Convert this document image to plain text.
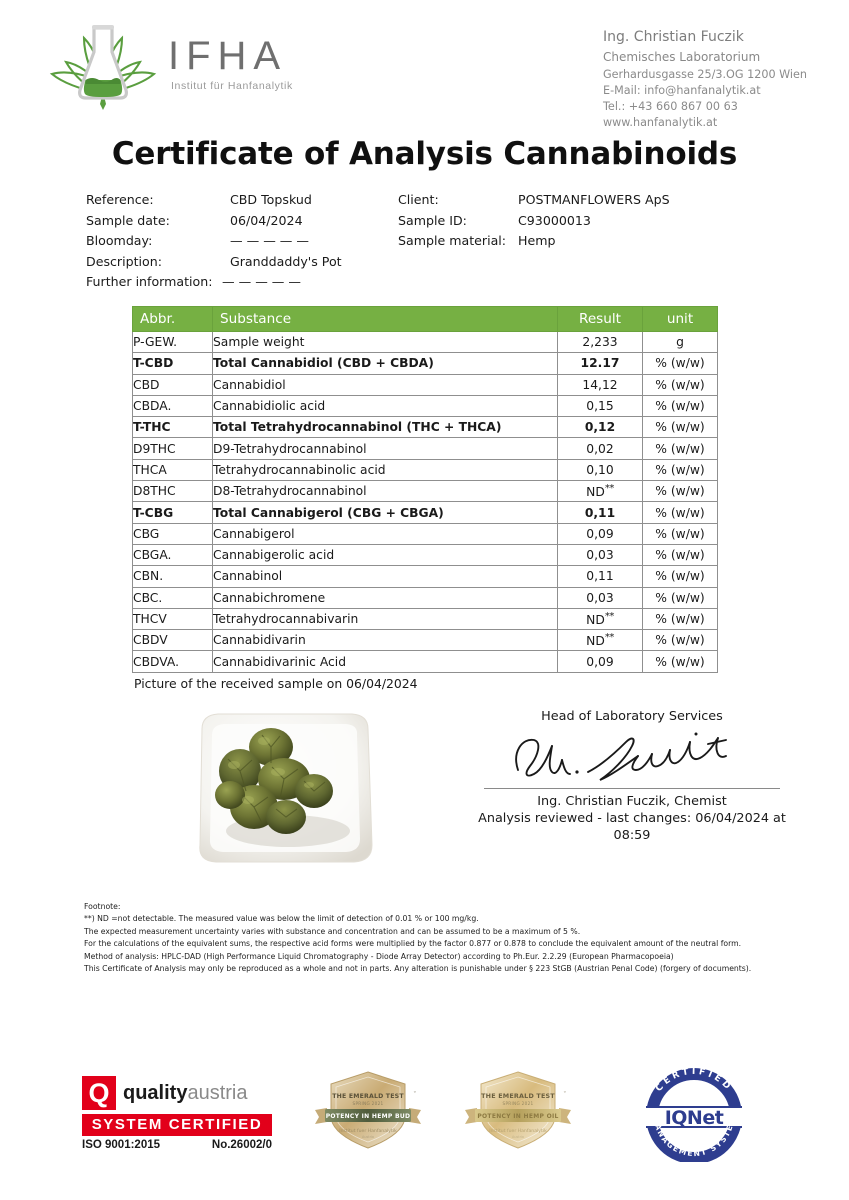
IFHA
Institut für Hanfanalytik
Ing. Christian Fuczik
Chemisches Laboratorium
Gerhardusgasse 25/3.OG 1200 Wien
E-Mail: info@hanfanalytik.at
Tel.: +43 660 867 00 63
www.hanfanalytik.at
Certificate of Analysis Cannabinoids
Reference:	CBD Topskud
Sample date:	06/04/2024
Bloomday:	— — — — —
Description:	Granddaddy's Pot
Further information: — — — — —
Client:	POSTMANFLOWERS ApS
Sample ID:	C93000013
Sample material: Hemp
Abbr.	Substance	Result	unit
P-GEW.	Sample weight	2,233	g
T-CBD	Total Cannabidiol (CBD + CBDA)	12.17	% (w/w)
CBD	Cannabidiol	14,12	% (w/w)
CBDA.	Cannabidiolic acid	0,15	% (w/w)
T-THC	Total Tetrahydrocannabinol (THC + THCA)	0,12	% (w/w)
D9THC	D9-Tetrahydrocannabinol	0,02	% (w/w)
THCA	Tetrahydrocannabinolic acid	0,10	% (w/w)
D8THC	D8-Tetrahydrocannabinol	ND**	% (w/w)
T-CBG	Total Cannabigerol (CBG + CBGA)	0,11	% (w/w)
CBG	Cannabigerol	0,09	% (w/w)
CBGA.	Cannabigerolic acid	0,03	% (w/w)
CBN.	Cannabinol	0,11	% (w/w)
CBC.	Cannabichromene	0,03	% (w/w)
THCV	Tetrahydrocannabivarin	ND**	% (w/w)
CBDV	Cannabidivarin	ND**	% (w/w)
CBDVA.	Cannabidivarinic Acid	0,09	% (w/w)
Picture of the received sample on 06/04/2024
Head of Laboratory Services
Ing. Christian Fuczik, Chemist
Analysis reviewed - last changes: 06/04/2024 at
08:59
Footnote:
**) ND =not detectable. The measured value was below the limit of detection of 0.01 % or 100 mg/kg.
The expected measurement uncertainty varies with substance and concentration and can be assumed to be a maximum of 5 %.
For the calculations of the equivalent sums, the respective acid forms were multiplied by the factor 0.877 or 0.878 to conclude the equivalent amount of the neutral form.
Method of analysis: HPLC-DAD (High Performance Liquid Chromatography - Diode Array Detector) according to Ph.Eur. 2.2.29 (European Pharmacopoeia)
This Certificate of Analysis may only be reproduced as a whole and not in parts. Any alteration is punishable under § 223 StGB (Austrian Penal Code) (forgery of documents).
Q qualityaustria
SYSTEM CERTIFIED
ISO 9001:2015	No.26002/0
THE EMERALD TEST	™
SPRING 2021
POTENCY IN HEMP BUD
Institut fuer Hanfanalytik
Austria
THE EMERALD TEST ™
SPRING 2021
POTENCY IN HEMP OIL
Institut fuer Hanfanalytik
Austria
CERTIFIED
MANAGEMENT SYSTEM
IQNet
